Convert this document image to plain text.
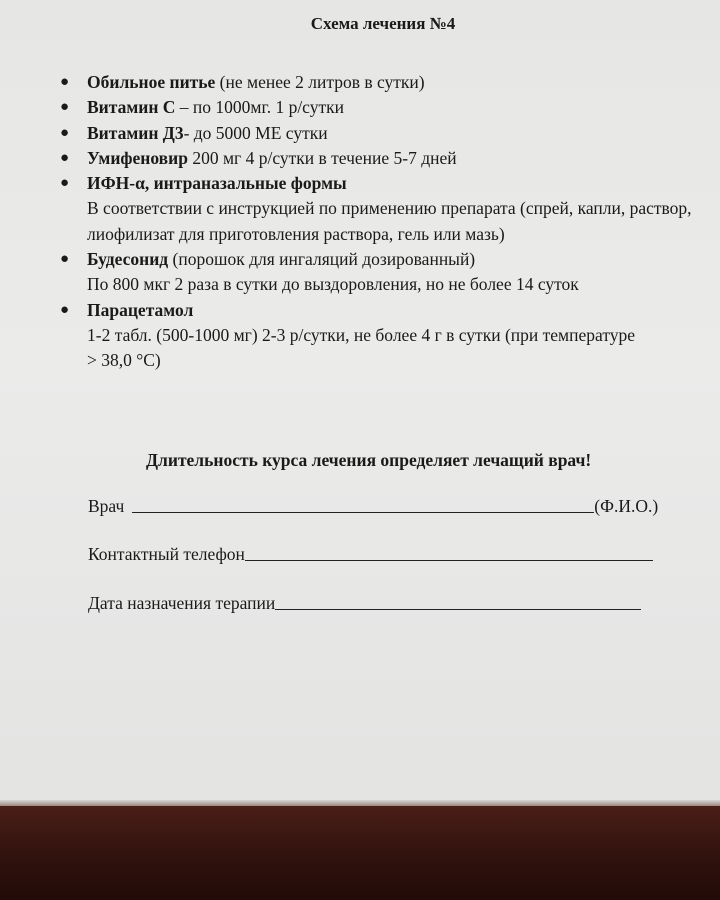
Схема лечения №4
● Обильное питье (не менее 2 литров в сутки)
● Витамин С – по 1000мг. 1 р/сутки
● Витамин Д3- до 5000 МЕ сутки
● Умифеновир 200 мг 4 р/сутки в течение 5-7 дней
● ИФН-α, интраназальные формы
В соответствии с инструкцией по применению препарата (спрей, капли, раствор, лиофилизат для приготовления раствора, гель или мазь)
● Будесонид (порошок для ингаляций дозированный)
По 800 мкг 2 раза в сутки до выздоровления, но не более 14 суток
● Парацетамол
1-2 табл. (500-1000 мг) 2-3 р/сутки, не более 4 г в сутки (при температуре > 38,0 °С)
Длительность курса лечения определяет лечащий врач!
Врач	(Ф.И.О.)
Контактный телефон
Дата назначения терапии
